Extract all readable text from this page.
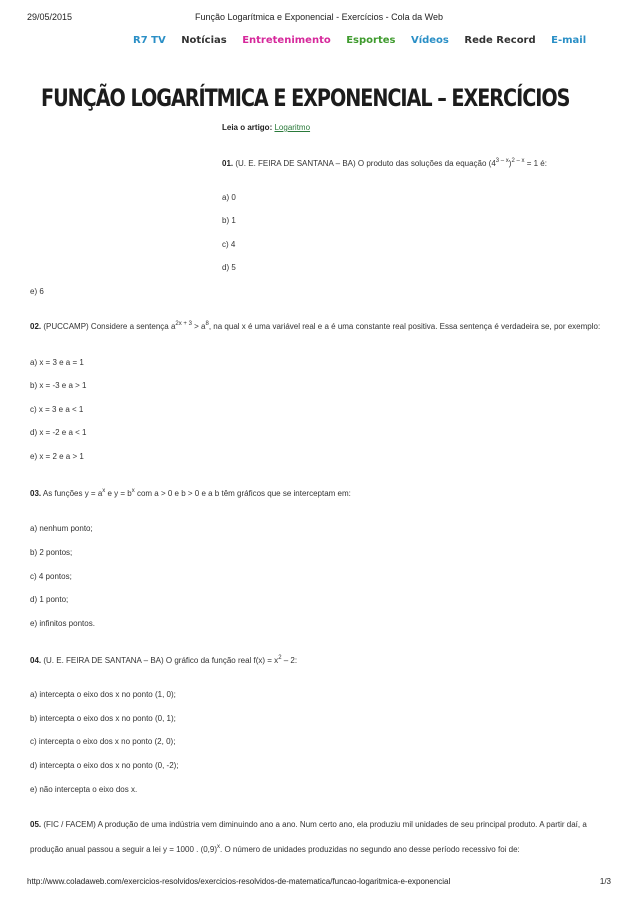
29/05/2015	Função Logarítmica e Exponencial - Exercícios - Cola da Web
R7 TV Notícias Entretenimento Esportes Vídeos Rede Record E-mail
FUNÇÃO LOGARÍTMICA E EXPONENCIAL – EXERCÍCIOS
Leia o artigo: Logaritmo
01. (U. E. FEIRA DE SANTANA – BA) O produto das soluções da equação $(4^{3 - x})^{2 - x} = 1$ é:
a) 0
b) 1
c) 4
d) 5
e) 6
02. (PUCCAMP) Considere a sentença $a^{2x + 3} > a^8$, na qual x é uma variável real e a é uma constante real positiva. Essa sentença é verdadeira se, por exemplo:
a) x = 3 e a = 1
b) x = -3 e a > 1
c) x = 3 e a < 1
d) x = -2 e a < 1
e) x = 2 e a > 1
03. As funções $y = a^x$ e $y = b^x$ com a > 0 e b > 0 e a b têm gráficos que se interceptam em:
a) nenhum ponto;
b) 2 pontos;
c) 4 pontos;
d) 1 ponto;
e) infinitos pontos.
04. (U. E. FEIRA DE SANTANA – BA) O gráfico da função real $f(x) = x^2 - 2$:
a) intercepta o eixo dos x no ponto (1, 0);
b) intercepta o eixo dos x no ponto (0, 1);
c) intercepta o eixo dos x no ponto (2, 0);
d) intercepta o eixo dos x no ponto (0, -2);
e) não intercepta o eixo dos x.
05. (FIC / FACEM) A produção de uma indústria vem diminuindo ano a ano. Num certo ano, ela produziu mil unidades de seu principal produto. A partir daí, a
produção anual passou a seguir a lei y = 1000 . $(0,9)^x$. O número de unidades produzidas no segundo ano desse período recessivo foi de:
http://www.coladaweb.com/exercicios-resolvidos/exercicios-resolvidos-de-matematica/funcao-logaritmica-e-exponencial	1/3
